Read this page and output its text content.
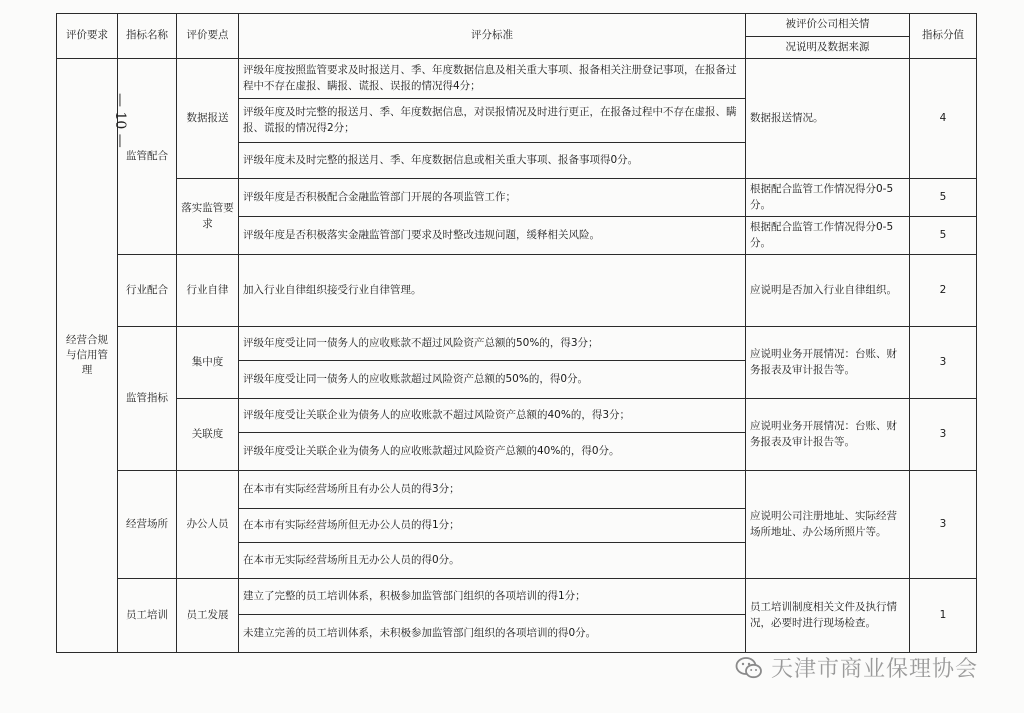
评价要求	指标名称	评价要点	评分标准	被评价公司相关情	指标分值
				况说明及数据来源	
经营合规与信用管理	监管配合	数据报送	评级年度按照监管要求及时报送月、季、年度数据信息及相关重大事项、报备相关注册登记事项，在报备过程中不存在虚报、瞒报、谎报、误报的情况得4分；	数据报送情况。	4
			评级年度及时完整的报送月、季、年度数据信息，对误报情况及时进行更正，在报备过程中不存在虚报、瞒报、谎报的情况得2分；		
			评级年度未及时完整的报送月、季、年度数据信息或相关重大事项、报备事项得0分。		
		落实监管要求	评级年度是否积极配合金融监管部门开展的各项监管工作；	根据配合监管工作情况得分0-5分。	5
			评级年度是否积极落实金融监管部门要求及时整改违规问题，缓释相关风险。	根据配合监管工作情况得分0-5分。	5
	行业配合	行业自律	加入行业自律组织接受行业自律管理。	应说明是否加入行业自律组织。	2
	监管指标	集中度	评级年度受让同一债务人的应收账款不超过风险资产总额的50%的，得3分；	应说明业务开展情况：台账、财务报表及审计报告等。	3
			评级年度受让同一债务人的应收账款超过风险资产总额的50%的，得0分。		
		关联度	评级年度受让关联企业为债务人的应收账款不超过风险资产总额的40%的，得3分；	应说明业务开展情况：台账、财务报表及审计报告等。	3
			评级年度受让关联企业为债务人的应收账款超过风险资产总额的40%的，得0分。		
	经营场所	办公人员	在本市有实际经营场所且有办公人员的得3分；	应说明公司注册地址、实际经营场所地址、办公场所照片等。	3
			在本市有实际经营场所但无办公人员的得1分；		
			在本市无实际经营场所且无办公人员的得0分。		
	员工培训	员工发展	建立了完整的员工培训体系，积极参加监管部门组织的各项培训的得1分；	员工培训制度相关文件及执行情况，必要时进行现场检查。	1
			未建立完善的员工培训体系，未积极参加监管部门组织的各项培训的得0分。		
— 10 —
天津市商业保理协会
